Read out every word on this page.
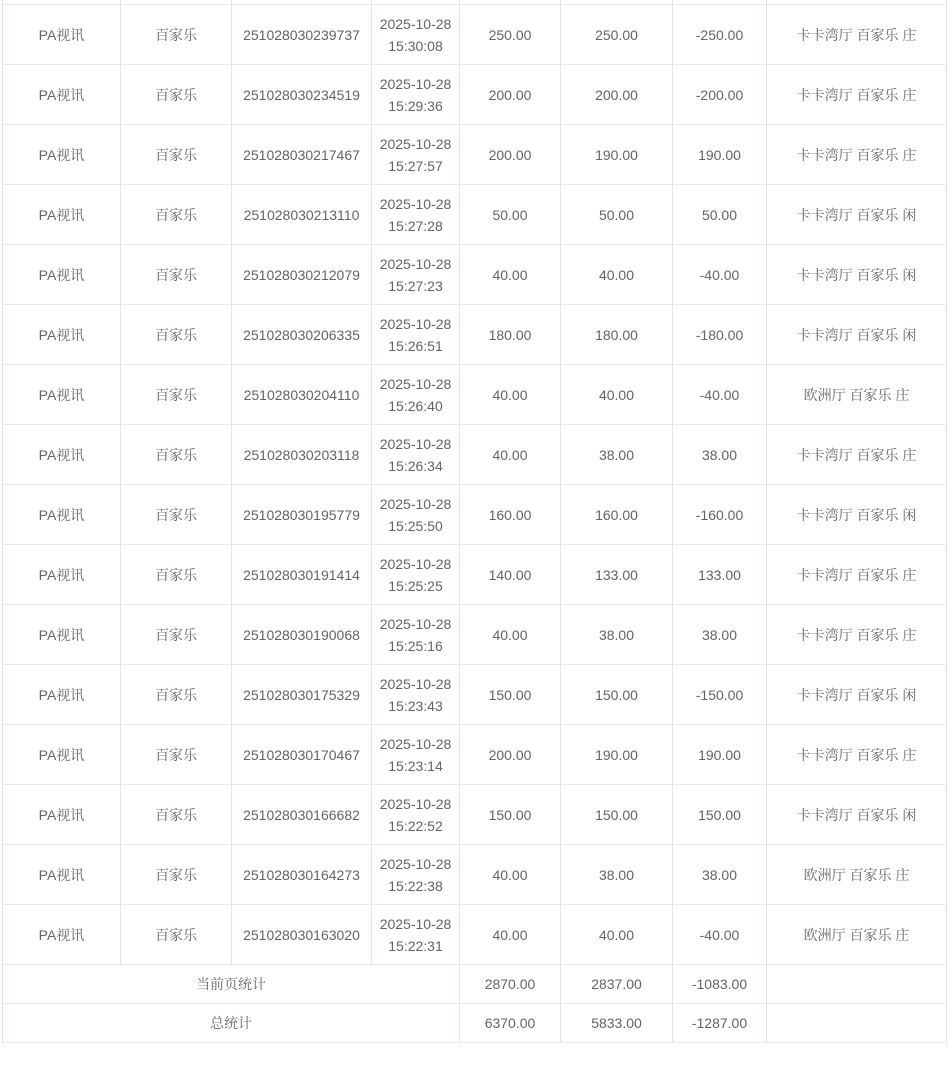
PA视讯	百家乐	251028030239737	2025-10-28 15:30:08	250.00	250.00	-250.00	卡卡湾厅 百家乐 庄
PA视讯	百家乐	251028030234519	2025-10-28 15:29:36	200.00	200.00	-200.00	卡卡湾厅 百家乐 庄
PA视讯	百家乐	251028030217467	2025-10-28 15:27:57	200.00	190.00	190.00	卡卡湾厅 百家乐 庄
PA视讯	百家乐	251028030213110	2025-10-28 15:27:28	50.00	50.00	50.00	卡卡湾厅 百家乐 闲
PA视讯	百家乐	251028030212079	2025-10-28 15:27:23	40.00	40.00	-40.00	卡卡湾厅 百家乐 闲
PA视讯	百家乐	251028030206335	2025-10-28 15:26:51	180.00	180.00	-180.00	卡卡湾厅 百家乐 闲
PA视讯	百家乐	251028030204110	2025-10-28 15:26:40	40.00	40.00	-40.00	欧洲厅 百家乐 庄
PA视讯	百家乐	251028030203118	2025-10-28 15:26:34	40.00	38.00	38.00	卡卡湾厅 百家乐 庄
PA视讯	百家乐	251028030195779	2025-10-28 15:25:50	160.00	160.00	-160.00	卡卡湾厅 百家乐 闲
PA视讯	百家乐	251028030191414	2025-10-28 15:25:25	140.00	133.00	133.00	卡卡湾厅 百家乐 庄
PA视讯	百家乐	251028030190068	2025-10-28 15:25:16	40.00	38.00	38.00	卡卡湾厅 百家乐 庄
PA视讯	百家乐	251028030175329	2025-10-28 15:23:43	150.00	150.00	-150.00	卡卡湾厅 百家乐 闲
PA视讯	百家乐	251028030170467	2025-10-28 15:23:14	200.00	190.00	190.00	卡卡湾厅 百家乐 庄
PA视讯	百家乐	251028030166682	2025-10-28 15:22:52	150.00	150.00	150.00	卡卡湾厅 百家乐 闲
PA视讯	百家乐	251028030164273	2025-10-28 15:22:38	40.00	38.00	38.00	欧洲厅 百家乐 庄
PA视讯	百家乐	251028030163020	2025-10-28 15:22:31	40.00	40.00	-40.00	欧洲厅 百家乐 庄
当前页统计				2870.00	2837.00	-1083.00	
总统计				6370.00	5833.00	-1287.00	
